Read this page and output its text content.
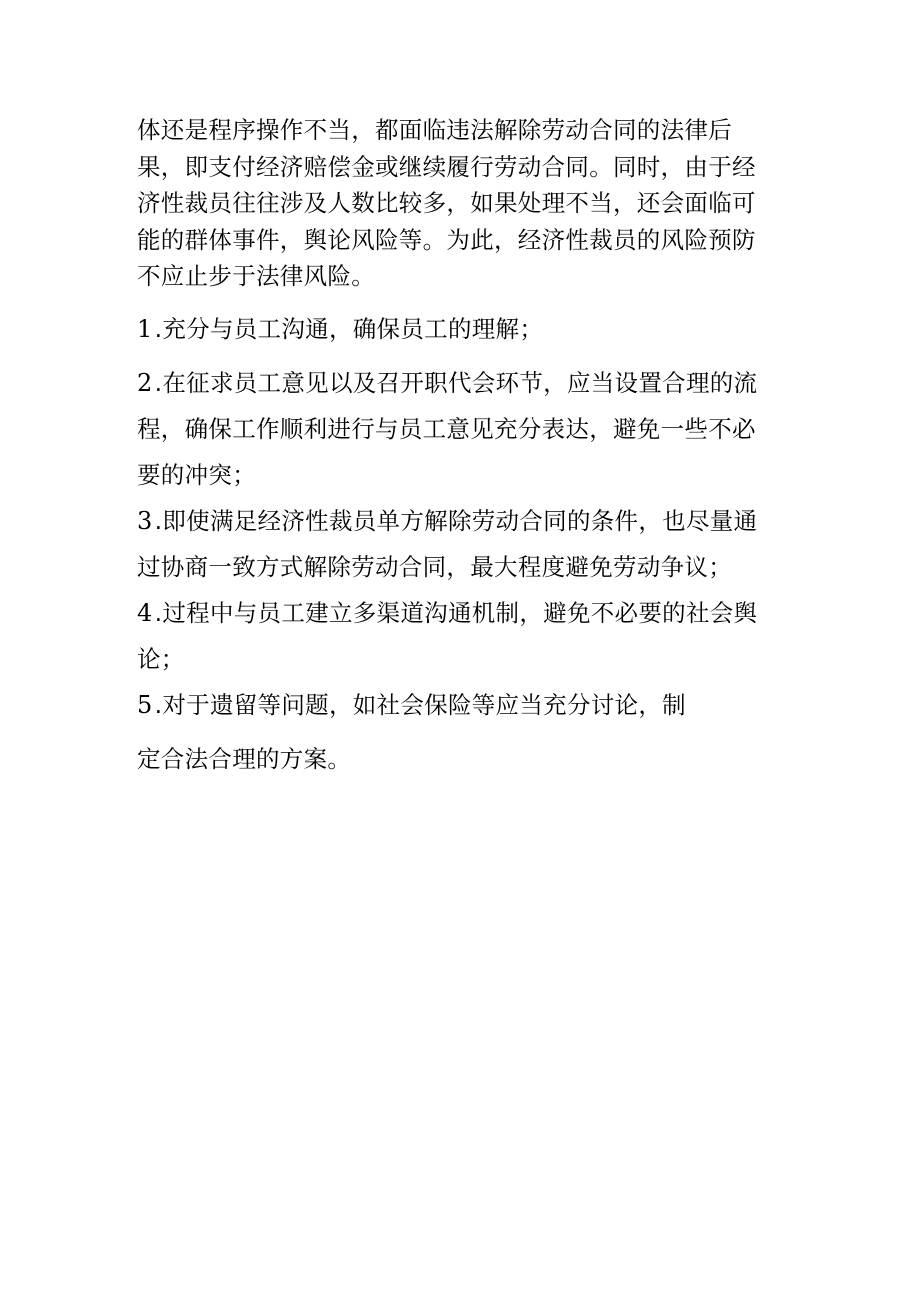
体还是程序操作不当，都面临违法解除劳动合同的法律后果，即支付经济赔偿金或继续履行劳动合同。同时，由于经济性裁员往往涉及人数比较多，如果处理不当，还会面临可能的群体事件，舆论风险等。为此，经济性裁员的风险预防不应止步于法律风险。

1.充分与员工沟通，确保员工的理解；

2.在征求员工意见以及召开职代会环节，应当设置合理的流程，确保工作顺利进行与员工意见充分表达，避免一些不必要的冲突；

3.即使满足经济性裁员单方解除劳动合同的条件，也尽量通过协商一致方式解除劳动合同，最大程度避免劳动争议；

4.过程中与员工建立多渠道沟通机制，避免不必要的社会舆论；

5.对于遗留等问题，如社会保险等应当充分讨论，制

定合法合理的方案。
